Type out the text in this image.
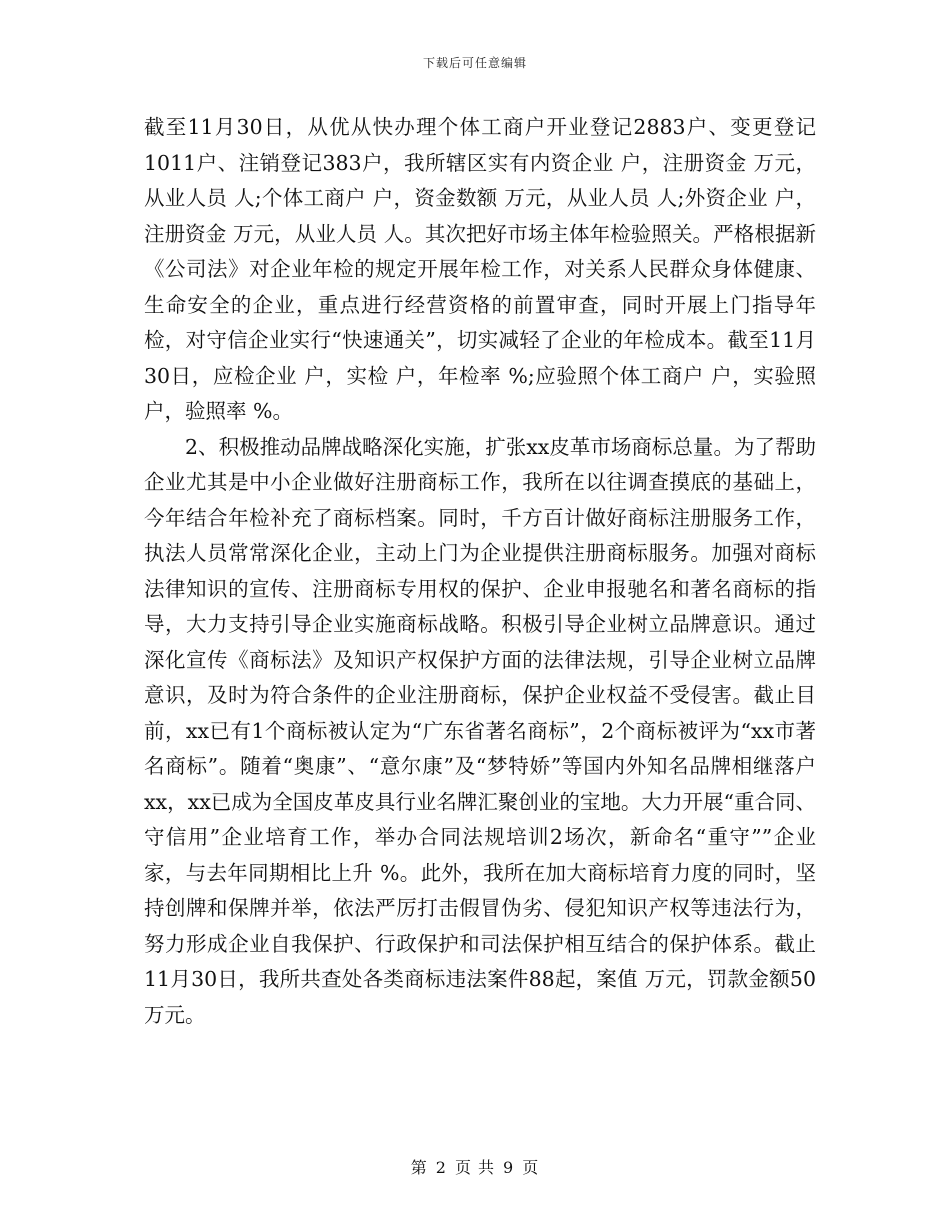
下载后可任意编辑

截至11月30日，从优从快办理个体工商户开业登记2883户、变更登记1011户、注销登记383户，我所辖区实有内资企业 户，注册资金 万元，从业人员 人;个体工商户 户，资金数额 万元，从业人员 人;外资企业 户，注册资金 万元，从业人员 人。其次把好市场主体年检验照关。严格根据新《公司法》对企业年检的规定开展年检工作，对关系人民群众身体健康、生命安全的企业，重点进行经营资格的前置审查，同时开展上门指导年检，对守信企业实行“快速通关”，切实减轻了企业的年检成本。截至11月30日，应检企业 户，实检 户，年检率 %;应验照个体工商户 户，实验照 户，验照率 %。

2、积极推动品牌战略深化实施，扩张xx皮革市场商标总量。为了帮助企业尤其是中小企业做好注册商标工作，我所在以往调查摸底的基础上，今年结合年检补充了商标档案。同时，千方百计做好商标注册服务工作，执法人员常常深化企业，主动上门为企业提供注册商标服务。加强对商标法律知识的宣传、注册商标专用权的保护、企业申报驰名和著名商标的指导，大力支持引导企业实施商标战略。积极引导企业树立品牌意识。通过深化宣传《商标法》及知识产权保护方面的法律法规，引导企业树立品牌意识，及时为符合条件的企业注册商标，保护企业权益不受侵害。截止目前，xx已有1个商标被认定为“广东省著名商标”，2个商标被评为“xx市著名商标”。随着“奥康”、“意尔康”及“梦特娇”等国内外知名品牌相继落户xx，xx已成为全国皮革皮具行业名牌汇聚创业的宝地。大力开展“重合同、守信用”企业培育工作，举办合同法规培训2场次，新命名“重守””企业 家，与去年同期相比上升 %。此外，我所在加大商标培育力度的同时，坚持创牌和保牌并举，依法严厉打击假冒伪劣、侵犯知识产权等违法行为，努力形成企业自我保护、行政保护和司法保护相互结合的保护体系。截止11月30日，我所共查处各类商标违法案件88起，案值 万元，罚款金额50万元。

第 2 页 共 9 页
